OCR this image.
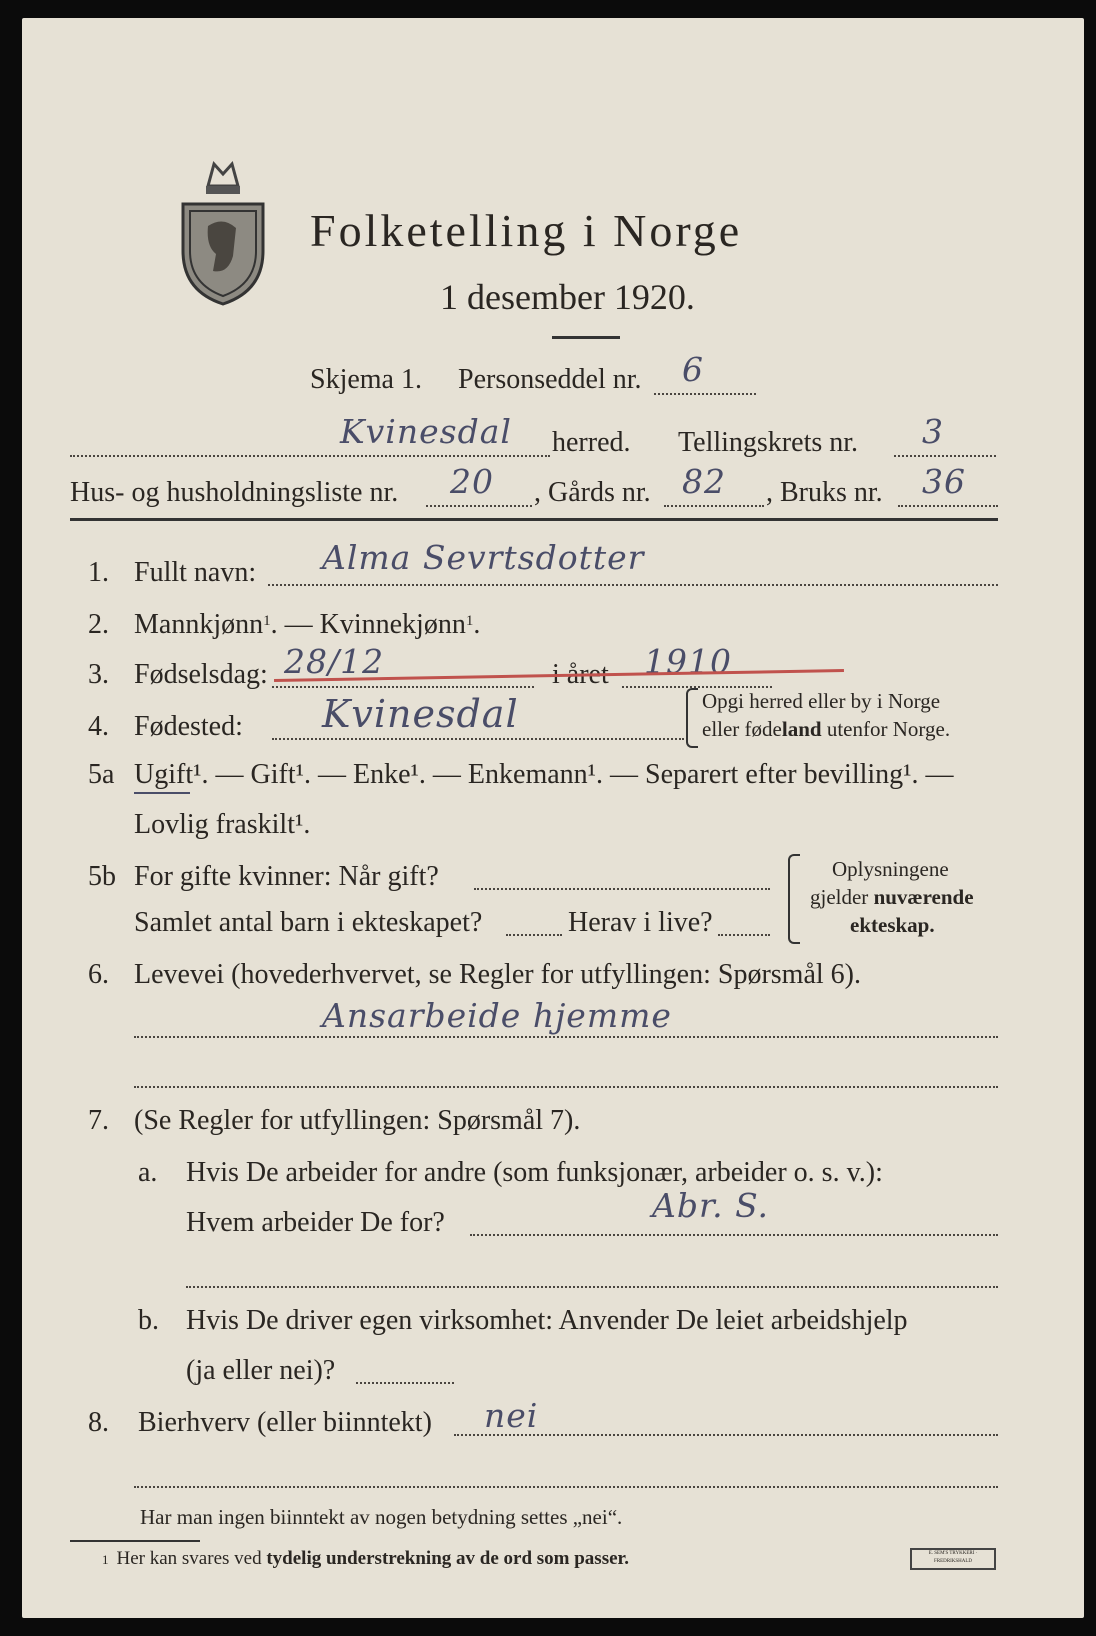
Folketelling i Norge
1 desember 1920.
Skjema 1. Personseddel nr. 6
Kvinesdal herred. Tellingskrets nr. 3
Hus- og husholdningsliste nr. 20 , Gårds nr. 82 , Bruks nr. 36
1. Fullt navn: Alma Sevrtsdotter
2. Mannkjønn$^1$. — Kvinnekjønn$^1$.
3. Fødselsdag: 28/12	i året 1910
4. Fødested: Kvinesdal	Opgi herred eller by i Norge
eller fødeland utenfor Norge.
5a Ugift¹. — Gift¹. — Enke¹. — Enkemann¹. — Separert efter bevilling¹. —
Lovlig fraskilt¹.
5b For gifte kvinner: Når gift?
Samlet antal barn i ekteskapet?	Herav i live?
Oplysningene
gjelder nuværende
ekteskap.
6. Levevei (hovederhvervet, se Regler for utfyllingen: Spørsmål 6).
Ansarbeide hjemme
7. (Se Regler for utfyllingen: Spørsmål 7).
a. Hvis De arbeider for andre (som funksjonær, arbeider o. s. v.):
Hvem arbeider De for?	Abr. S.
b. Hvis De driver egen virksomhet: Anvender De leiet arbeidshjelp
(ja eller nei)?
8. Bierhverv (eller biinntekt) nei
Har man ingen biinntekt av nogen betydning settes „nei“.
1 Her kan svares ved tydelig understrekning av de ord som passer.	E. SEM'S TRYKKERI · FREDRIKSHALD
